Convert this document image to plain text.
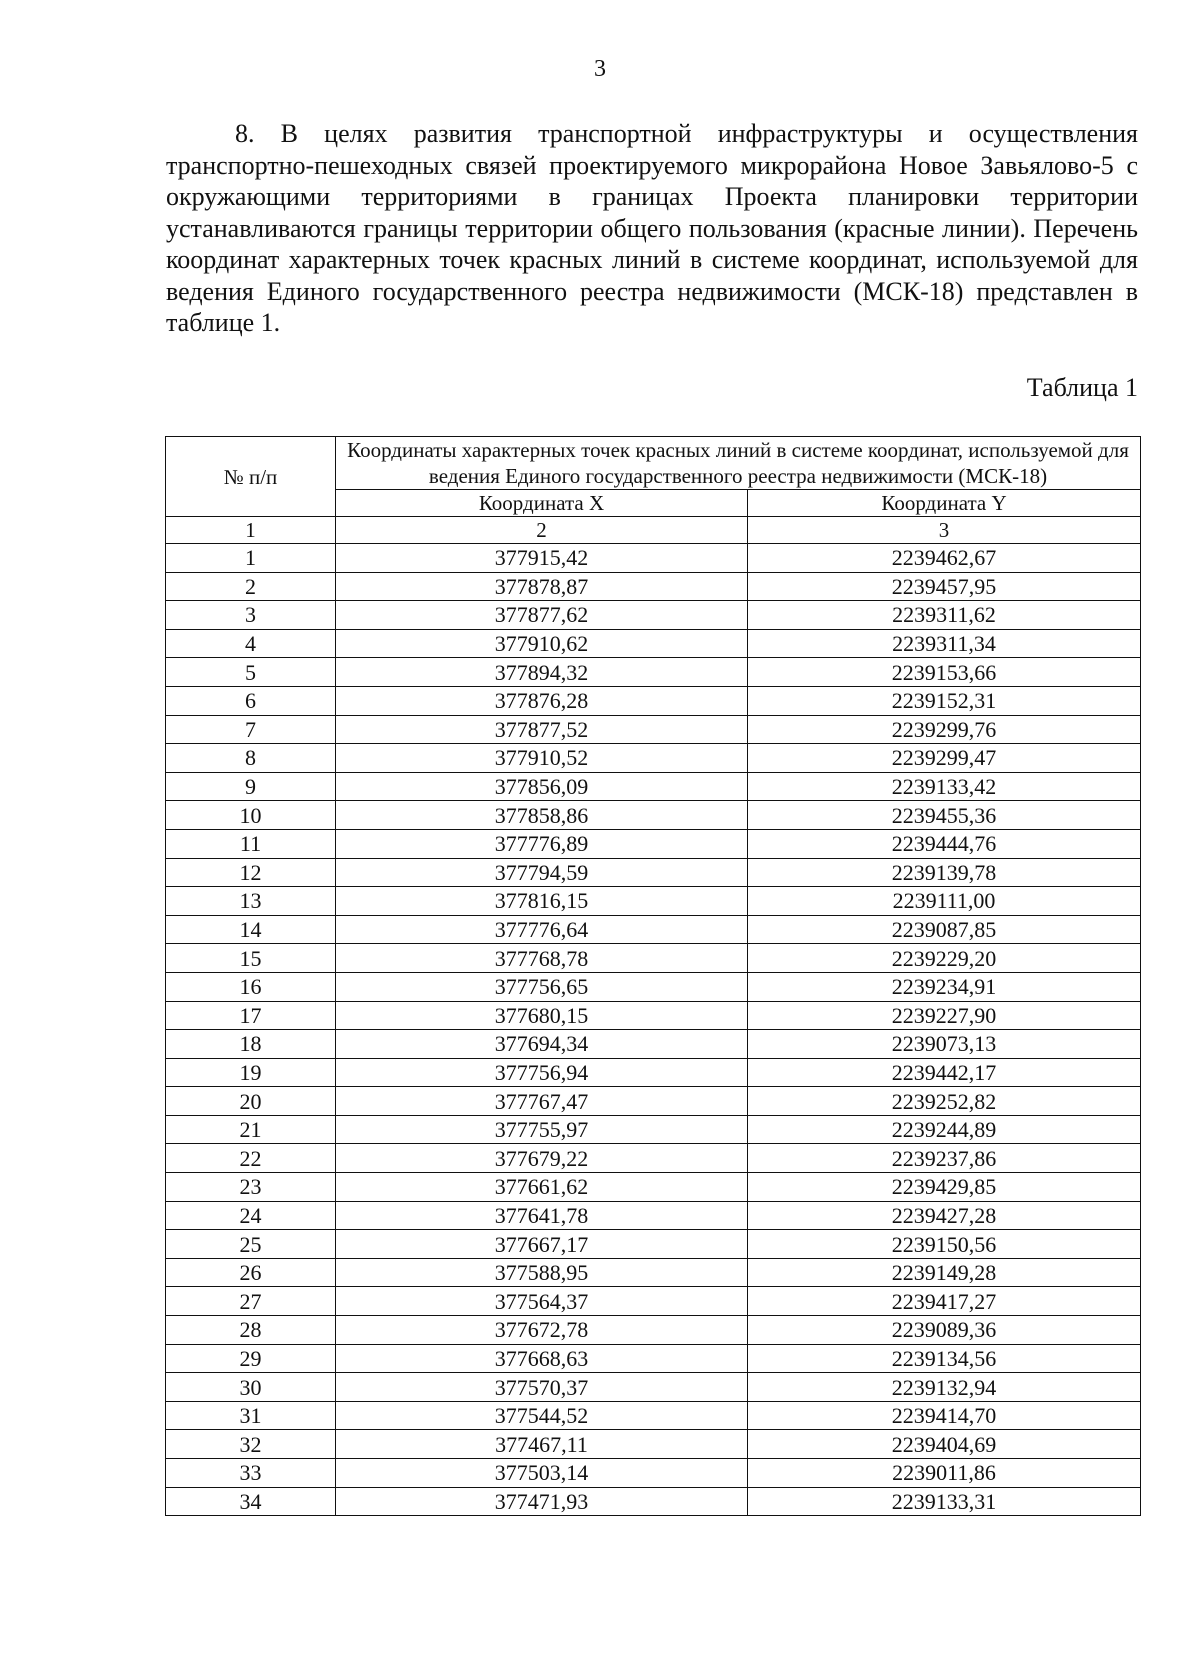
3

8. В целях развития транспортной инфраструктуры и осуществления транспортно-пешеходных связей проектируемого микрорайона Новое Завьялово-5 с окружающими территориями в границах Проекта планировки территории устанавливаются границы территории общего пользования (красные линии). Перечень координат характерных точек красных линий в системе координат, используемой для ведения Единого государственного реестра недвижимости (МСК-18) представлен в таблице 1.

Таблица 1
№ п/п	Координаты характерных точек красных линий в системе координат, используемой для ведения Единого государственного реестра недвижимости (МСК-18)	
	Координата X	Координата Y
1	2	3
1	377915,42	2239462,67
2	377878,87	2239457,95
3	377877,62	2239311,62
4	377910,62	2239311,34
5	377894,32	2239153,66
6	377876,28	2239152,31
7	377877,52	2239299,76
8	377910,52	2239299,47
9	377856,09	2239133,42
10	377858,86	2239455,36
11	377776,89	2239444,76
12	377794,59	2239139,78
13	377816,15	2239111,00
14	377776,64	2239087,85
15	377768,78	2239229,20
16	377756,65	2239234,91
17	377680,15	2239227,90
18	377694,34	2239073,13
19	377756,94	2239442,17
20	377767,47	2239252,82
21	377755,97	2239244,89
22	377679,22	2239237,86
23	377661,62	2239429,85
24	377641,78	2239427,28
25	377667,17	2239150,56
26	377588,95	2239149,28
27	377564,37	2239417,27
28	377672,78	2239089,36
29	377668,63	2239134,56
30	377570,37	2239132,94
31	377544,52	2239414,70
32	377467,11	2239404,69
33	377503,14	2239011,86
34	377471,93	2239133,31
